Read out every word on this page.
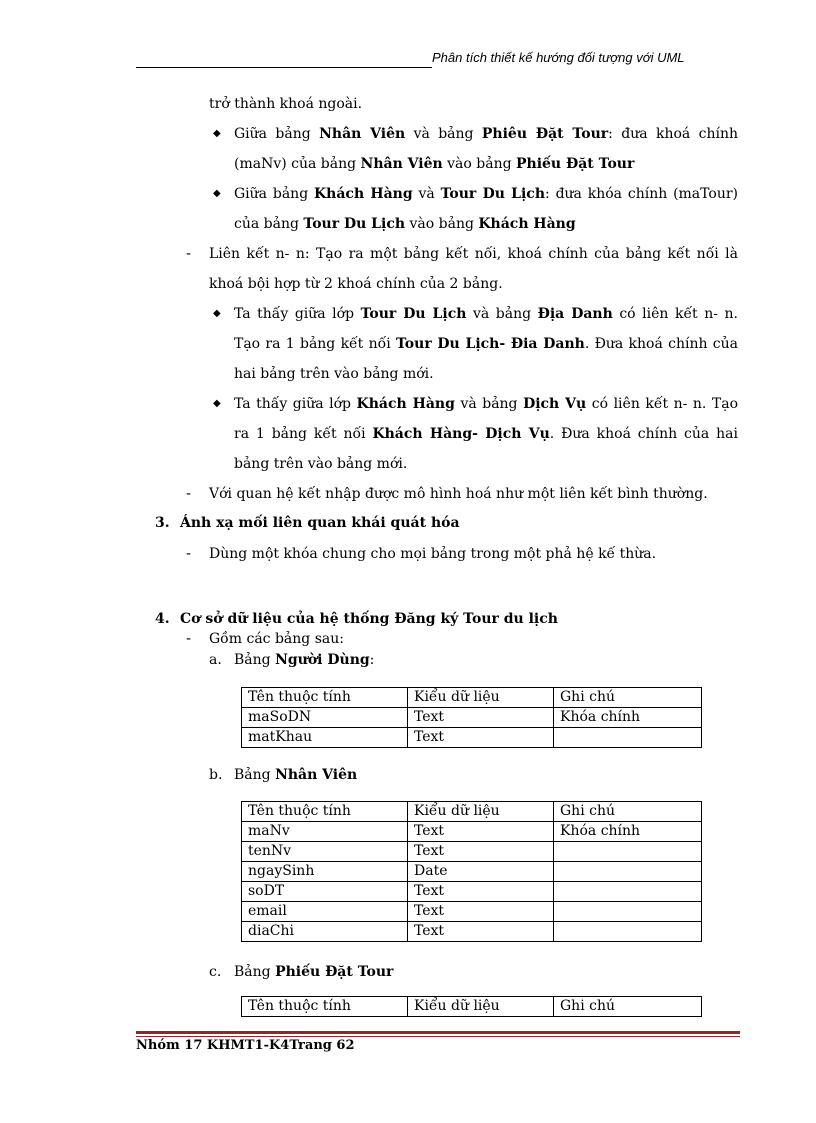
Phân tích thiết kế hướng đối tượng với UML
trở thành khoá ngoài.
◆ Giữa bảng Nhân Viên và bảng Phiêu Đặt Tour: đưa khoá chính
(maNv) của bảng Nhân Viên vào bảng Phiếu Đặt Tour
◆ Giữa bảng Khách Hàng và Tour Du Lịch: đưa khóa chính (maTour)
của bảng Tour Du Lịch vào bảng Khách Hàng
- Liên kết n- n: Tạo ra một bảng kết nối, khoá chính của bảng kết nối là
khoá bội hợp từ 2 khoá chính của 2 bảng.
◆ Ta thấy giữa lớp Tour Du Lịch và bảng Địa Danh có liên kết n- n.
Tạo ra 1 bảng kết nối Tour Du Lịch- Đia Danh. Đưa khoá chính của
hai bảng trên vào bảng mới.
◆ Ta thấy giữa lớp Khách Hàng và bảng Dịch Vụ có liên kết n- n. Tạo
ra 1 bảng kết nối Khách Hàng- Dịch Vụ. Đưa khoá chính của hai
bảng trên vào bảng mới.
- Với quan hệ kết nhập được mô hình hoá như một liên kết bình thường.
3. Ánh xạ mối liên quan khái quát hóa
- Dùng một khóa chung cho mọi bảng trong một phả hệ kế thừa.
4. Cơ sở dữ liệu của hệ thống Đăng ký Tour du lịch
- Gồm các bảng sau:
a. Bảng Người Dùng:
Tên thuộc tính	Kiểu dữ liệu	Ghi chú
maSoDN	Text	Khóa chính
matKhau	Text	
b. Bảng Nhân Viên
Tên thuộc tính	Kiểu dữ liệu	Ghi chú
maNv	Text	Khóa chính
tenNv	Text	
ngaySinh	Date	
soDT	Text	
email	Text	
diaChi	Text	
c. Bảng Phiếu Đặt Tour
Tên thuộc tính	Kiểu dữ liệu	Ghi chú
Nhóm 17 KHMT1-K4Trang 62
